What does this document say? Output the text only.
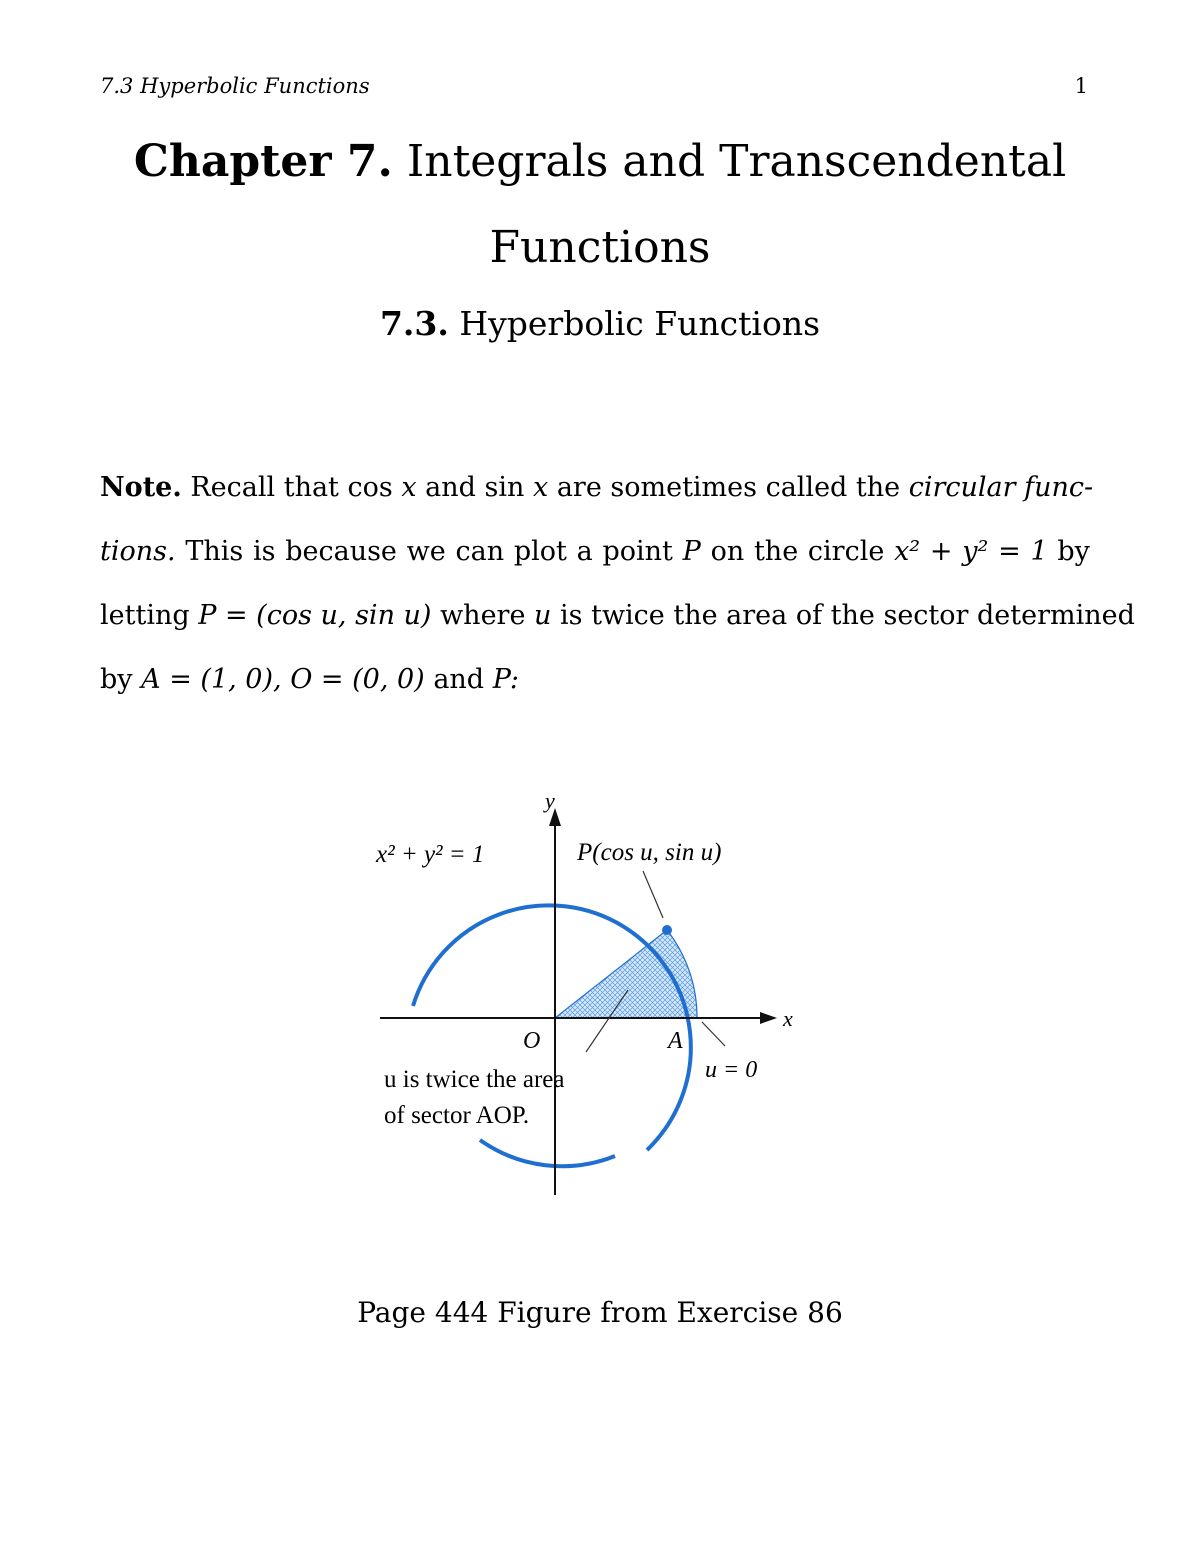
7.3 Hyperbolic Functions	1
Chapter 7. Integrals and Transcendental
Functions
7.3. Hyperbolic Functions
Note. Recall that cos x and sin x are sometimes called the circular func-
tions. This is because we can plot a point P on the circle x² + y² = 1 by
letting P = (cos u, sin u) where u is twice the area of the sector determined
by A = (1, 0), O = (0, 0) and P:
y
x
x² + y² = 1	P(cos u, sin u)
O	A
u = 0
u is twice the area
of sector AOP.
Page 444 Figure from Exercise 86
